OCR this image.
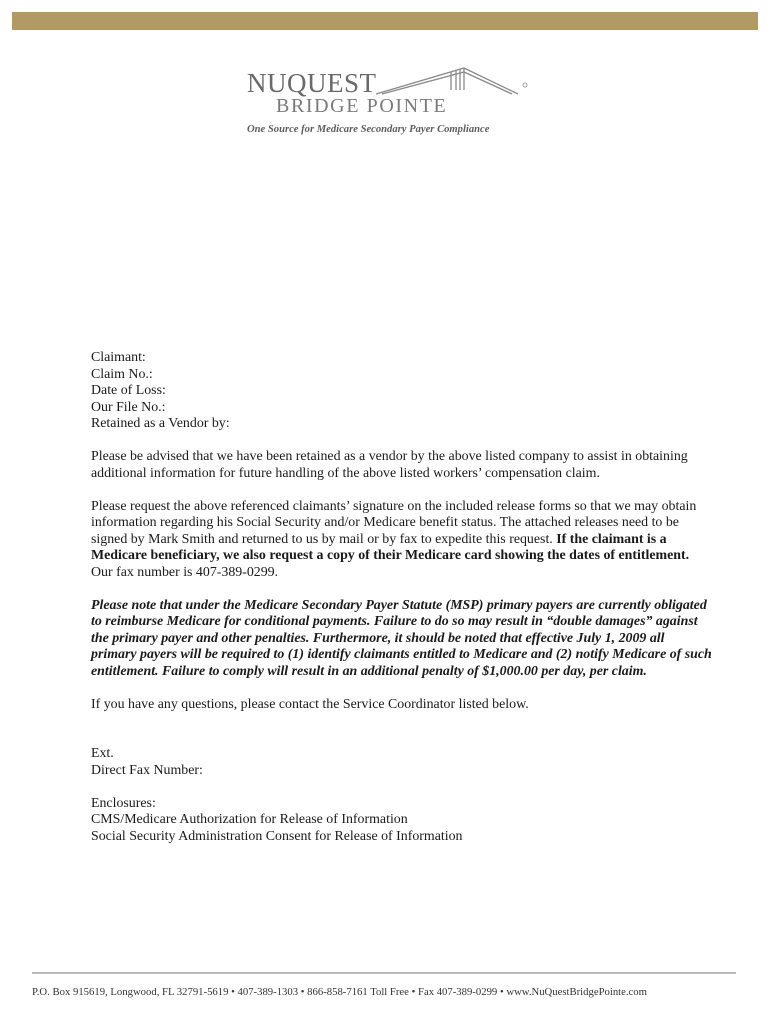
NUQUEST
BRIDGE POINTE
One Source for Medicare Secondary Payer Compliance

Claimant:

Claim No.:

Date of Loss:

Our File No.:

Retained as a Vendor by:

Please be advised that we have been retained as a vendor by the above listed company to assist in obtaining

additional information for future handling of the above listed workers’ compensation claim.

Please request the above referenced claimants’ signature on the included release forms so that we may obtain

information regarding his Social Security and/or Medicare benefit status. The attached releases need to be

signed by Mark Smith and returned to us by mail or by fax to expedite this request. If the claimant is a

Medicare beneficiary, we also request a copy of their Medicare card showing the dates of entitlement.

Our fax number is 407-389-0299.

Please note that under the Medicare Secondary Payer Statute (MSP) primary payers are currently obligated

to reimburse Medicare for conditional payments. Failure to do so may result in “double damages” against

the primary payer and other penalties. Furthermore, it should be noted that effective July 1, 2009 all

primary payers will be required to (1) identify claimants entitled to Medicare and (2) notify Medicare of such

entitlement. Failure to comply will result in an additional penalty of $1,000.00 per day, per claim.

If you have any questions, please contact the Service Coordinator listed below.

Ext.

Direct Fax Number:

Enclosures:

CMS/Medicare Authorization for Release of Information

Social Security Administration Consent for Release of Information

P.O. Box 915619, Longwood, FL 32791-5619 • 407-389-1303 • 866-858-7161 Toll Free • Fax 407-389-0299 • www.NuQuestBridgePointe.com
